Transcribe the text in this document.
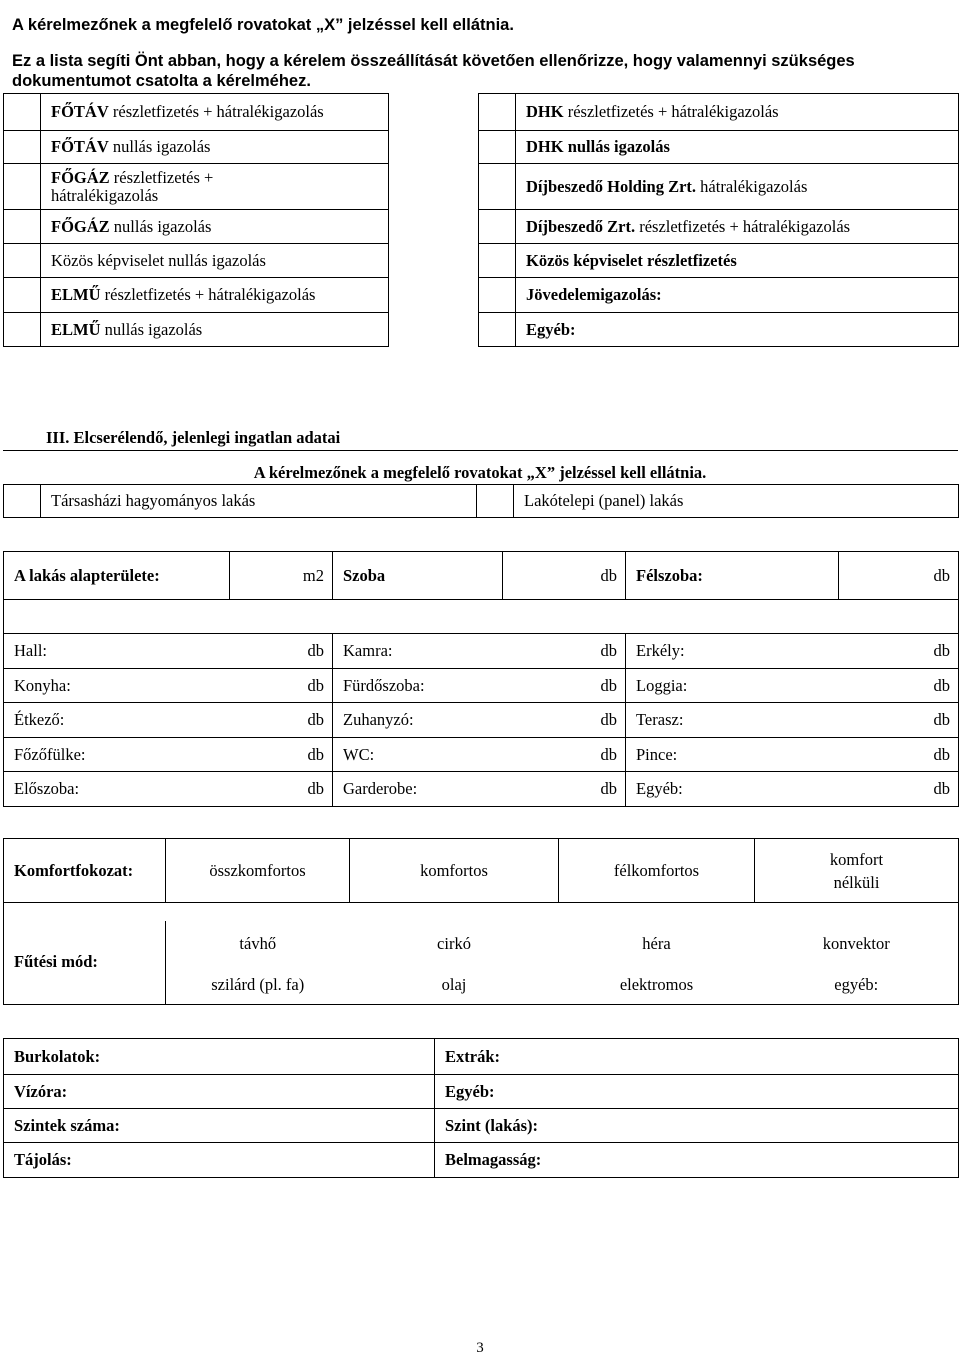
A kérelmezőnek a megfelelő rovatokat „X” jelzéssel kell ellátnia.
Ez a lista segíti Önt abban, hogy a kérelem összeállítását követően ellenőrizze, hogy valamennyi szükséges
dokumentumot csatolta a kérelméhez.
	FŐTÁV részletfizetés + hátralékigazolás			DHK részletfizetés + hátralékigazolás
	FŐTÁV nullás igazolás			DHK nullás igazolás
	FŐGÁZ részletfizetés +
hátralékigazolás			Díjbeszedő Holding Zrt. hátralékigazolás
	FŐGÁZ nullás igazolás			Díjbeszedő Zrt. részletfizetés + hátralékigazolás
	Közös képviselet nullás igazolás			Közös képviselet részletfizetés
	ELMŰ részletfizetés + hátralékigazolás			Jövedelemigazolás:
	ELMŰ nullás igazolás			Egyéb:
III. Elcserélendő, jelenlegi ingatlan adatai
A kérelmezőnek a megfelelő rovatokat „X” jelzéssel kell ellátnia.
	Társasházi hagyományos lakás		Lakótelepi (panel) lakás
A lakás alapterülete:	m2	Szoba	db	Félszoba:	db

Hall:	db	Kamra:	db	Erkély:	db
Konyha:	db	Fürdőszoba:	db	Loggia:	db
Étkező:	db	Zuhanyzó:	db	Terasz:	db
Főzőfülke:	db	WC:	db	Pince:	db
Előszoba:	db	Garderobe:	db	Egyéb:	db
Komfortfokozat:	összkomfortos	komfortos	félkomfortos	komfort nélküli

Fűtési mód:	távhő	cirkó	héra	konvektor
	szilárd (pl. fa)	olaj	elektromos	egyéb:
Burkolatok:	Extrák:
Vízóra:	Egyéb:
Szintek száma:	Szint (lakás):
Tájolás:	Belmagasság:
3
